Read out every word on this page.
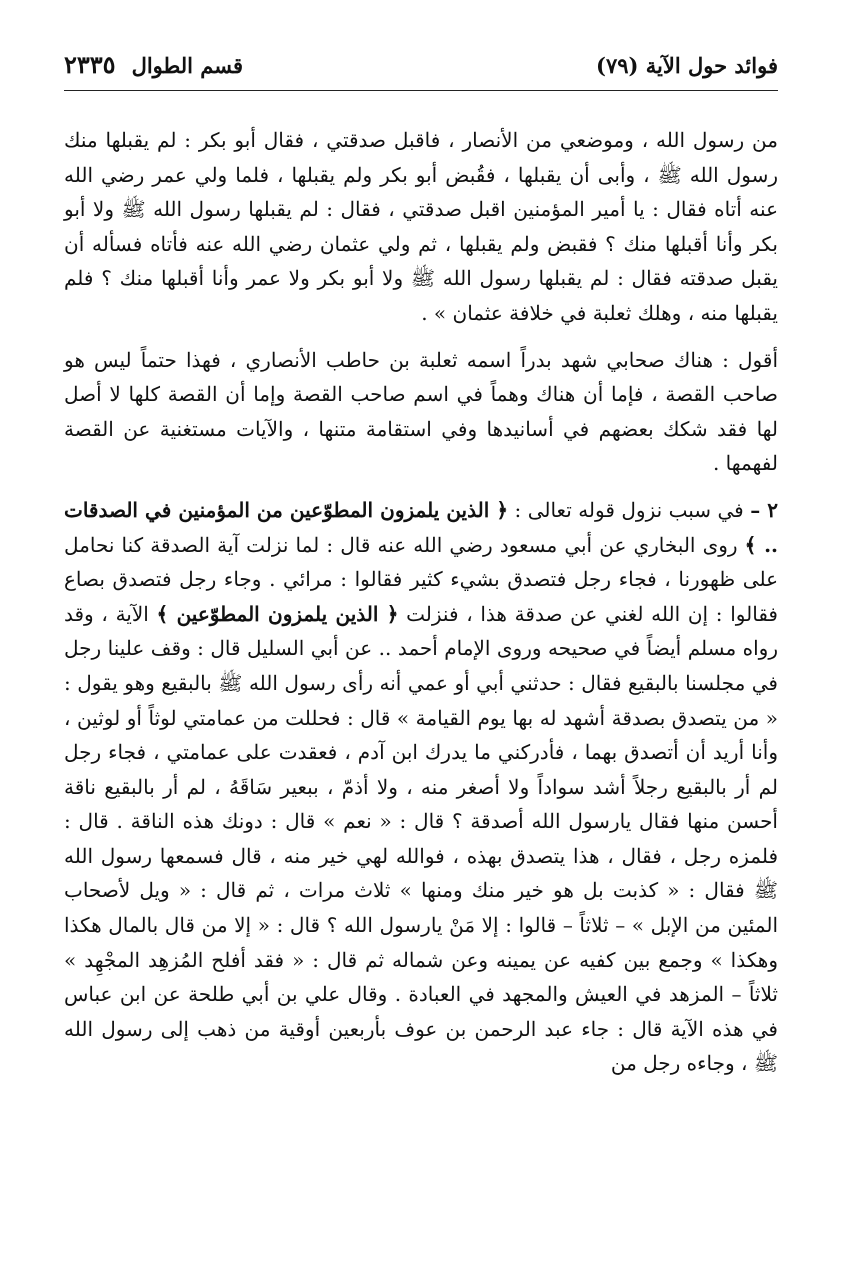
فوائد حول الآية (٧٩)
قسم الطوال
٢٣٣٥

من رسول الله ، وموضعي من الأنصار ، فاقبل صدقتي ، فقال أبو بكر : لم يقبلها منك رسول الله ﷺ ، وأبى أن يقبلها ، فقُبض أبو بكر ولم يقبلها ، فلما ولي عمر رضي الله عنه أتاه فقال : يا أمير المؤمنين اقبل صدقتي ، فقال : لم يقبلها رسول الله ﷺ ولا أبو بكر وأنا أقبلها منك ؟ فقبض ولم يقبلها ، ثم ولي عثمان رضي الله عنه فأتاه فسأله أن يقبل صدقته فقال : لم يقبلها رسول الله ﷺ ولا أبو بكر ولا عمر وأنا أقبلها منك ؟ فلم يقبلها منه ، وهلك ثعلبة في خلافة عثمان » .

أقول : هناك صحابي شهد بدراً اسمه ثعلبة بن حاطب الأنصاري ، فهذا حتماً ليس هو صاحب القصة ، فإما أن هناك وهماً في اسم صاحب القصة وإما أن القصة كلها لا أصل لها فقد شكك بعضهم في أسانيدها وفي استقامة متنها ، والآيات مستغنية عن القصة لفهمها .

٢ – في سبب نزول قوله تعالى : ﴿ الذين يلمزون المطوّعين من المؤمنين في الصدقات .. ﴾ روى البخاري عن أبي مسعود رضي الله عنه قال : لما نزلت آية الصدقة كنا نحامل على ظهورنا ، فجاء رجل فتصدق بشيء كثير فقالوا : مرائي . وجاء رجل فتصدق بصاع فقالوا : إن الله لغني عن صدقة هذا ، فنزلت ﴿ الذين يلمزون المطوّعين ﴾ الآية ، وقد رواه مسلم أيضاً في صحيحه وروى الإمام أحمد .. عن أبي السليل قال : وقف علينا رجل في مجلسنا بالبقيع فقال : حدثني أبي أو عمي أنه رأى رسول الله ﷺ بالبقيع وهو يقول : « من يتصدق بصدقة أشهد له بها يوم القيامة » قال : فحللت من عمامتي لوثاً أو لوثين ، وأنا أريد أن أتصدق بهما ، فأدركني ما يدرك ابن آدم ، فعقدت على عمامتي ، فجاء رجل لم أر بالبقيع رجلاً أشد سواداً ولا أصغر منه ، ولا أذمّ ، ببعير سَاقَهُ ، لم أر بالبقيع ناقة أحسن منها فقال يارسول الله أصدقة ؟ قال : « نعم » قال : دونك هذه الناقة . قال : فلمزه رجل ، فقال ، هذا يتصدق بهذه ، فوالله لهي خير منه ، قال فسمعها رسول الله ﷺ فقال : « كذبت بل هو خير منك ومنها » ثلاث مرات ، ثم قال : « ويل لأصحاب المئين من الإبل » – ثلاثاً – قالوا : إلا مَنْ يارسول الله ؟ قال : « إلا من قال بالمال هكذا وهكذا » وجمع بين كفيه عن يمينه وعن شماله ثم قال : « فقد أفلح المُزهِد المجْهِد » ثلاثاً – المزهد في العيش والمجهد في العبادة . وقال علي بن أبي طلحة عن ابن عباس في هذه الآية قال : جاء عبد الرحمن بن عوف بأربعين أوقية من ذهب إلى رسول الله ﷺ ، وجاءه رجل من
